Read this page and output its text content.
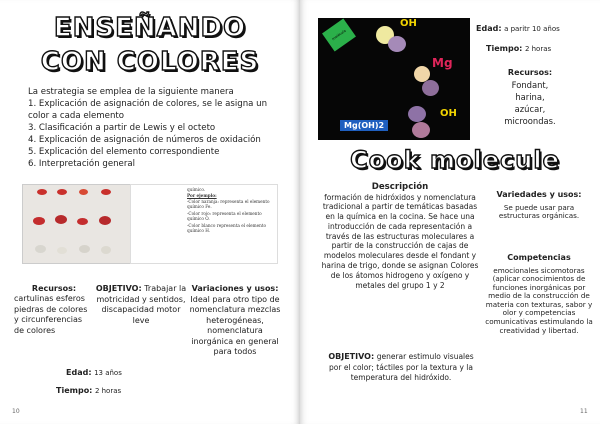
ENSEÑANDO
CON COLORES
La estrategia se emplea de la siguiente manera
1. Explicación de asignación de colores, se le asigna un color a cada elemento
3. Clasificación a partir de Lewis y el octeto
4. Explicación de asignación de números de oxidación
5. Explicación del elemento correspondiente
6. Interpretación general

químico.

Por ejemplo:

-Color naranja: representa el elemento químico Fe.

-Color rojo: representa el elemento químico O.

-Color blanco representa el elemento químico H.

Recursos:
cartulinas esferos piedras de colores y circunferencias de colores
OBJETIVO: Trabajar la motricidad y sentidos, discapacidad motor leve
Variaciones y usos:
Ideal para otro tipo de nomenclatura mezclas heterogéneas, nomenclatura inorgánica en general para todos
Edad: 13 años
Tiempo: 2 horas
10
molécula
OH
Mg
OH
Mg(OH)2
Edad: a paritr 10 años
Tiempo: 2 horas
Recursos:
Fondant, harina, azúcar, microondas.
Cook molecule
Descripción
formación de hidróxidos y nomenclatura tradicional a partir de temáticas basadas en la química en la cocina. Se hace una introducción de cada representación a través de las estructuras moleculares a partir de la construcción de cajas de modelos moleculares desde el fondant y harina de trigo, donde se asignan Colores de los átomos hidrogeno y oxígeno y metales del grupo 1 y 2
OBJETIVO: generar estimulo visuales por el color; táctiles por la textura y la temperatura del hidróxido.
Variedades y usos:
Se puede usar para estructuras orgánicas.
Competencias
emocionales sicomotoras (aplicar conocimientos de funciones inorgánicas por medio de la construcción de materia con texturas, sabor y olor y competencias comunicativas estimulando la creatividad y libertad.
11
